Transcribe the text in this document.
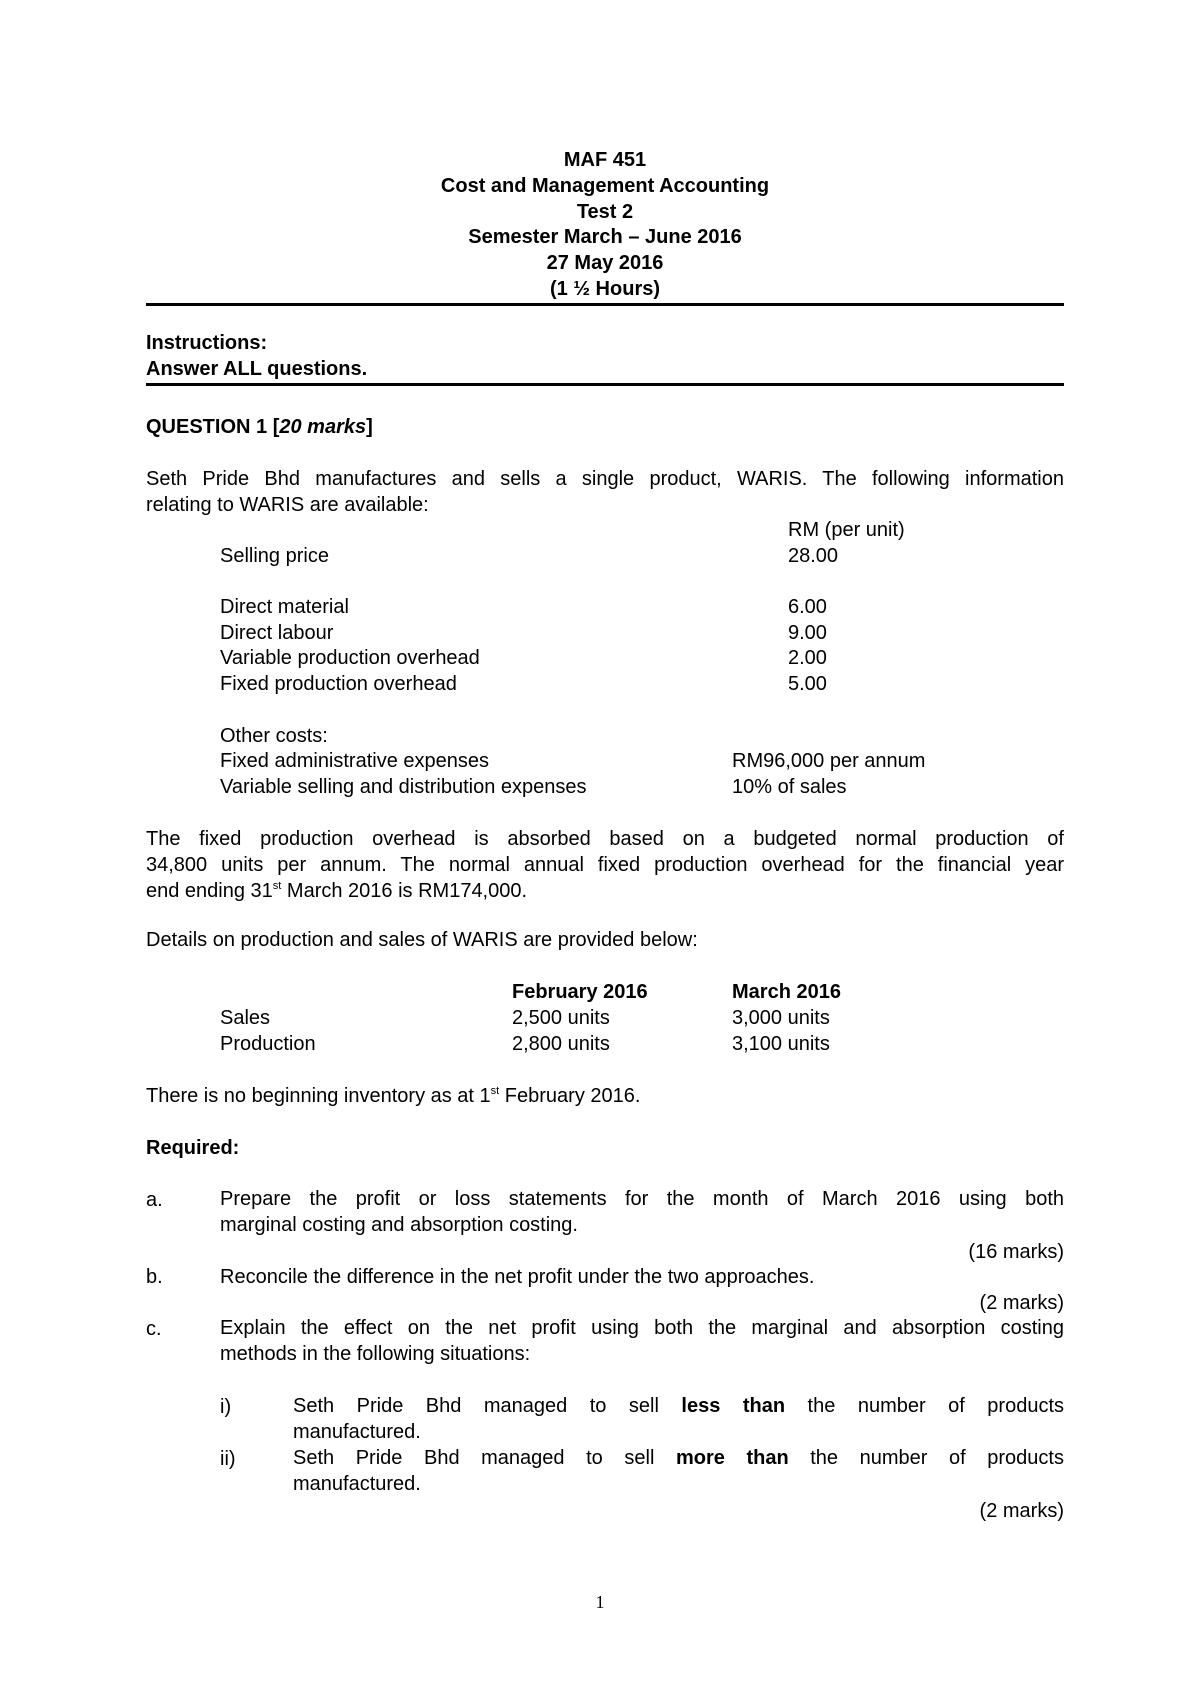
MAF 451
Cost and Management Accounting
Test 2
Semester March – June 2016
27 May 2016
(1 ½ Hours)
Instructions:
Answer ALL questions.
QUESTION 1 [20 marks]
Seth Pride Bhd manufactures and sells a single product, WARIS. The following information
relating to WARIS are available:
RM (per unit)
Selling price	28.00
Direct material	6.00
Direct labour	9.00
Variable production overhead	2.00
Fixed production overhead	5.00
Other costs:
Fixed administrative expenses	RM96,000 per annum
Variable selling and distribution expenses	10% of sales
The fixed production overhead is absorbed based on a budgeted normal production of
34,800 units per annum. The normal annual fixed production overhead for the financial year
end ending 31st March 2016 is RM174,000.
Details on production and sales of WARIS are provided below:
February 2016	March 2016
Sales	2,500 units	3,000 units
Production	2,800 units	3,100 units
There is no beginning inventory as at 1st February 2016.
Required:
a.	Prepare the profit or loss statements for the month of March 2016 using both
marginal costing and absorption costing.
(16 marks)
b.	Reconcile the difference in the net profit under the two approaches.
(2 marks)
c.	Explain the effect on the net profit using both the marginal and absorption costing
methods in the following situations:
i)	Seth Pride Bhd managed to sell less than the number of products
manufactured.
ii)	Seth Pride Bhd managed to sell more than the number of products
manufactured.
(2 marks)
1
